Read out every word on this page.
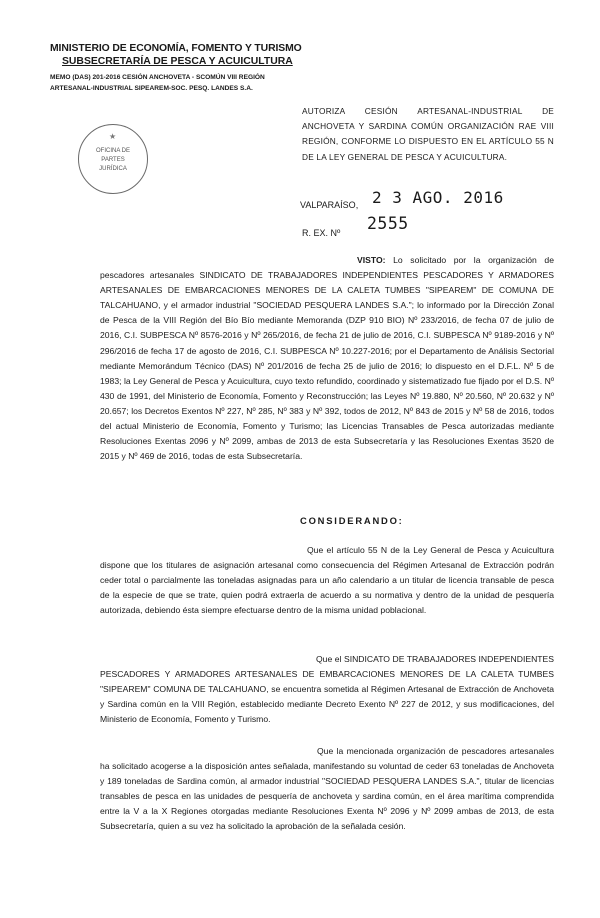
MINISTERIO DE ECONOMÍA, FOMENTO Y TURISMO
SUBSECRETARÍA DE PESCA Y ACUICULTURA
MEMO (DAS) 201-2016 CESIÓN ANCHOVETA - SCOMÚN VIII REGIÓN ARTESANAL-INDUSTRIAL SIPEAREM-SOC. PESQ. LANDES S.A.
★
OFICINA DE
PARTES
JURÍDICA
AUTORIZA CESIÓN ARTESANAL-INDUSTRIAL DE ANCHOVETA Y SARDINA COMÚN ORGANIZACIÓN RAE VIII REGIÓN, CONFORME LO DISPUESTO EN EL ARTÍCULO 55 N DE LA LEY GENERAL DE PESCA Y ACUICULTURA.
VALPARAÍSO, 2 3 AGO. 2016
R. EX. Nº 2555
VISTO: Lo solicitado por la organización de pescadores artesanales SINDICATO DE TRABAJADORES INDEPENDIENTES PESCADORES Y ARMADORES ARTESANALES DE EMBARCACIONES MENORES DE LA CALETA TUMBES "SIPEAREM" DE COMUNA DE TALCAHUANO, y el armador industrial "SOCIEDAD PESQUERA LANDES S.A."; lo informado por la Dirección Zonal de Pesca de la VIII Región del Bío Bío mediante Memoranda (DZP 910 BIO) Nº 233/2016, de fecha 07 de julio de 2016, C.I. SUBPESCA Nº 8576-2016 y Nº 265/2016, de fecha 21 de julio de 2016, C.I. SUBPESCA Nº 9189-2016 y Nº 296/2016 de fecha 17 de agosto de 2016, C.I. SUBPESCA Nº 10.227-2016; por el Departamento de Análisis Sectorial mediante Memorándum Técnico (DAS) Nº 201/2016 de fecha 25 de julio de 2016; lo dispuesto en el D.F.L. Nº 5 de 1983; la Ley General de Pesca y Acuicultura, cuyo texto refundido, coordinado y sistematizado fue fijado por el D.S. Nº 430 de 1991, del Ministerio de Economía, Fomento y Reconstrucción; las Leyes Nº 19.880, Nº 20.560, Nº 20.632 y Nº 20.657; los Decretos Exentos Nº 227, Nº 285, Nº 383 y Nº 392, todos de 2012, Nº 843 de 2015 y Nº 58 de 2016, todos del actual Ministerio de Economía, Fomento y Turismo; las Licencias Transables de Pesca autorizadas mediante Resoluciones Exentas 2096 y Nº 2099, ambas de 2013 de esta Subsecretaría y las Resoluciones Exentas 3520 de 2015 y Nº 469 de 2016, todas de esta Subsecretaría.
CONSIDERANDO:
Que el artículo 55 N de la Ley General de Pesca y Acuicultura dispone que los titulares de asignación artesanal como consecuencia del Régimen Artesanal de Extracción podrán ceder total o parcialmente las toneladas asignadas para un año calendario a un titular de licencia transable de pesca de la especie de que se trate, quien podrá extraerla de acuerdo a su normativa y dentro de la unidad de pesquería autorizada, debiendo ésta siempre efectuarse dentro de la misma unidad poblacional.
Que el SINDICATO DE TRABAJADORES INDEPENDIENTES PESCADORES Y ARMADORES ARTESANALES DE EMBARCACIONES MENORES DE LA CALETA TUMBES "SIPEAREM" COMUNA DE TALCAHUANO, se encuentra sometida al Régimen Artesanal de Extracción de Anchoveta y Sardina común en la VIII Región, establecido mediante Decreto Exento Nº 227 de 2012, y sus modificaciones, del Ministerio de Economía, Fomento y Turismo.
Que la mencionada organización de pescadores artesanales ha solicitado acogerse a la disposición antes señalada, manifestando su voluntad de ceder 63 toneladas de Anchoveta y 189 toneladas de Sardina común, al armador industrial "SOCIEDAD PESQUERA LANDES S.A.", titular de licencias transables de pesca en las unidades de pesquería de anchoveta y sardina común, en el área marítima comprendida entre la V a la X Regiones otorgadas mediante Resoluciones Exenta Nº 2096 y Nº 2099 ambas de 2013, de esta Subsecretaría, quien a su vez ha solicitado la aprobación de la señalada cesión.
